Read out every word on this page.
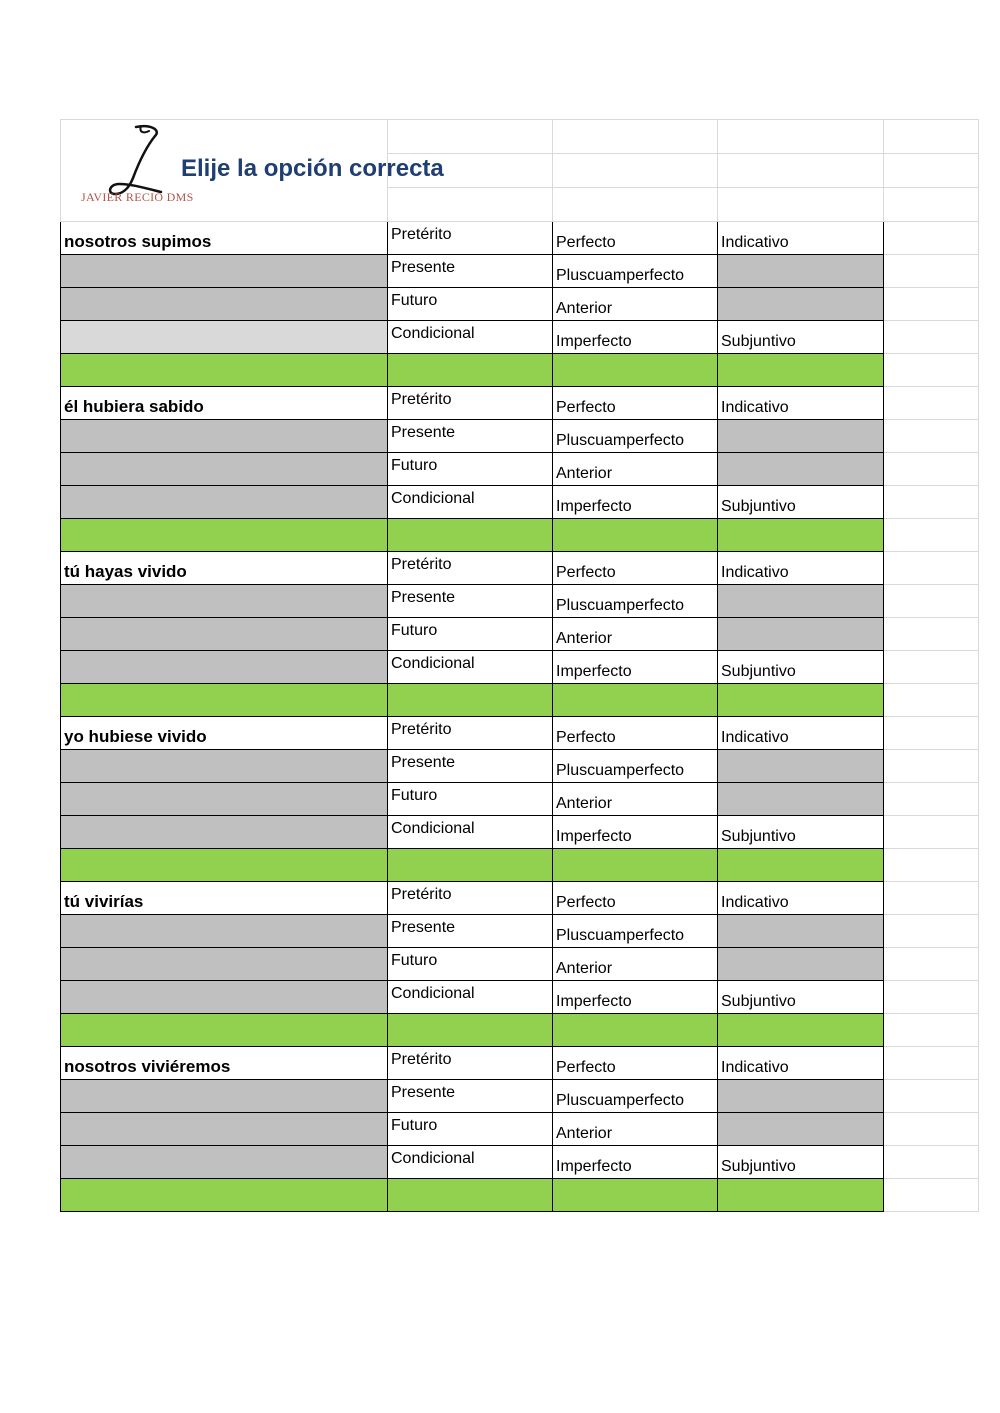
JAVIER RECIO DMS
Elije la opción correcta				

nosotros supimos	Pretérito	Perfecto	Indicativo	
	Presente	Pluscuamperfecto		
	Futuro	Anterior		
	Condicional	Imperfecto	Subjuntivo	

él hubiera sabido	Pretérito	Perfecto	Indicativo	
	Presente	Pluscuamperfecto		
	Futuro	Anterior		
	Condicional	Imperfecto	Subjuntivo	

tú hayas vivido	Pretérito	Perfecto	Indicativo	
	Presente	Pluscuamperfecto		
	Futuro	Anterior		
	Condicional	Imperfecto	Subjuntivo	

yo hubiese vivido	Pretérito	Perfecto	Indicativo	
	Presente	Pluscuamperfecto		
	Futuro	Anterior		
	Condicional	Imperfecto	Subjuntivo	

tú vivirías	Pretérito	Perfecto	Indicativo	
	Presente	Pluscuamperfecto		
	Futuro	Anterior		
	Condicional	Imperfecto	Subjuntivo	

nosotros viviéremos	Pretérito	Perfecto	Indicativo	
	Presente	Pluscuamperfecto		
	Futuro	Anterior		
	Condicional	Imperfecto	Subjuntivo	
